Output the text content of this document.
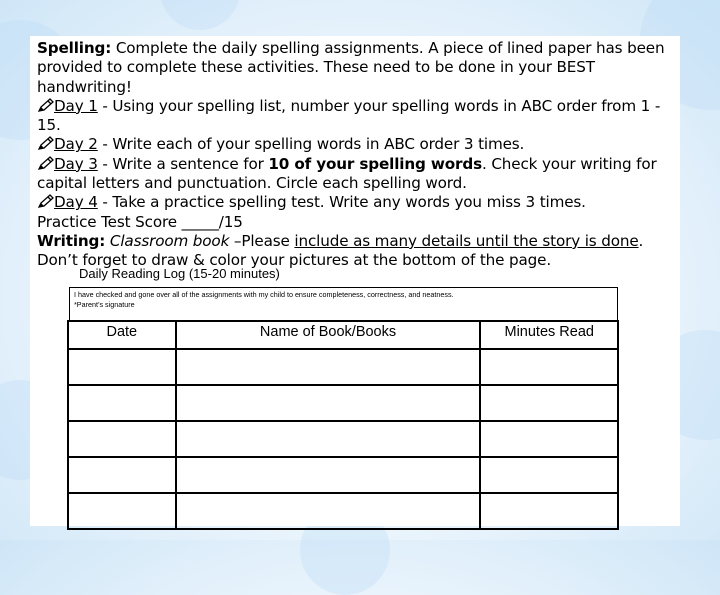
Spelling: Complete the daily spelling assignments. A piece of lined paper has been provided to complete these activities. These need to be done in your BEST handwriting!

Day 1 - Using your spelling list, number your spelling words in ABC order from 1 - 15.

Day 2 - Write each of your spelling words in ABC order 3 times.

Day 3 - Write a sentence for 10 of your spelling words. Check your writing for capital letters and punctuation. Circle each spelling word.

Day 4 - Take a practice spelling test. Write any words you miss 3 times.

Practice Test Score _____/15

Writing: Classroom book –Please include as many details until the story is done.

Don’t forget to draw & color your pictures at the bottom of the page.

Daily Reading Log (15-20 minutes)
I have checked and gone over all of the assignments with my child to ensure completeness, correctness, and neatness.
*Parent’s signature
Date	Name of Book/Books	Minutes Read
